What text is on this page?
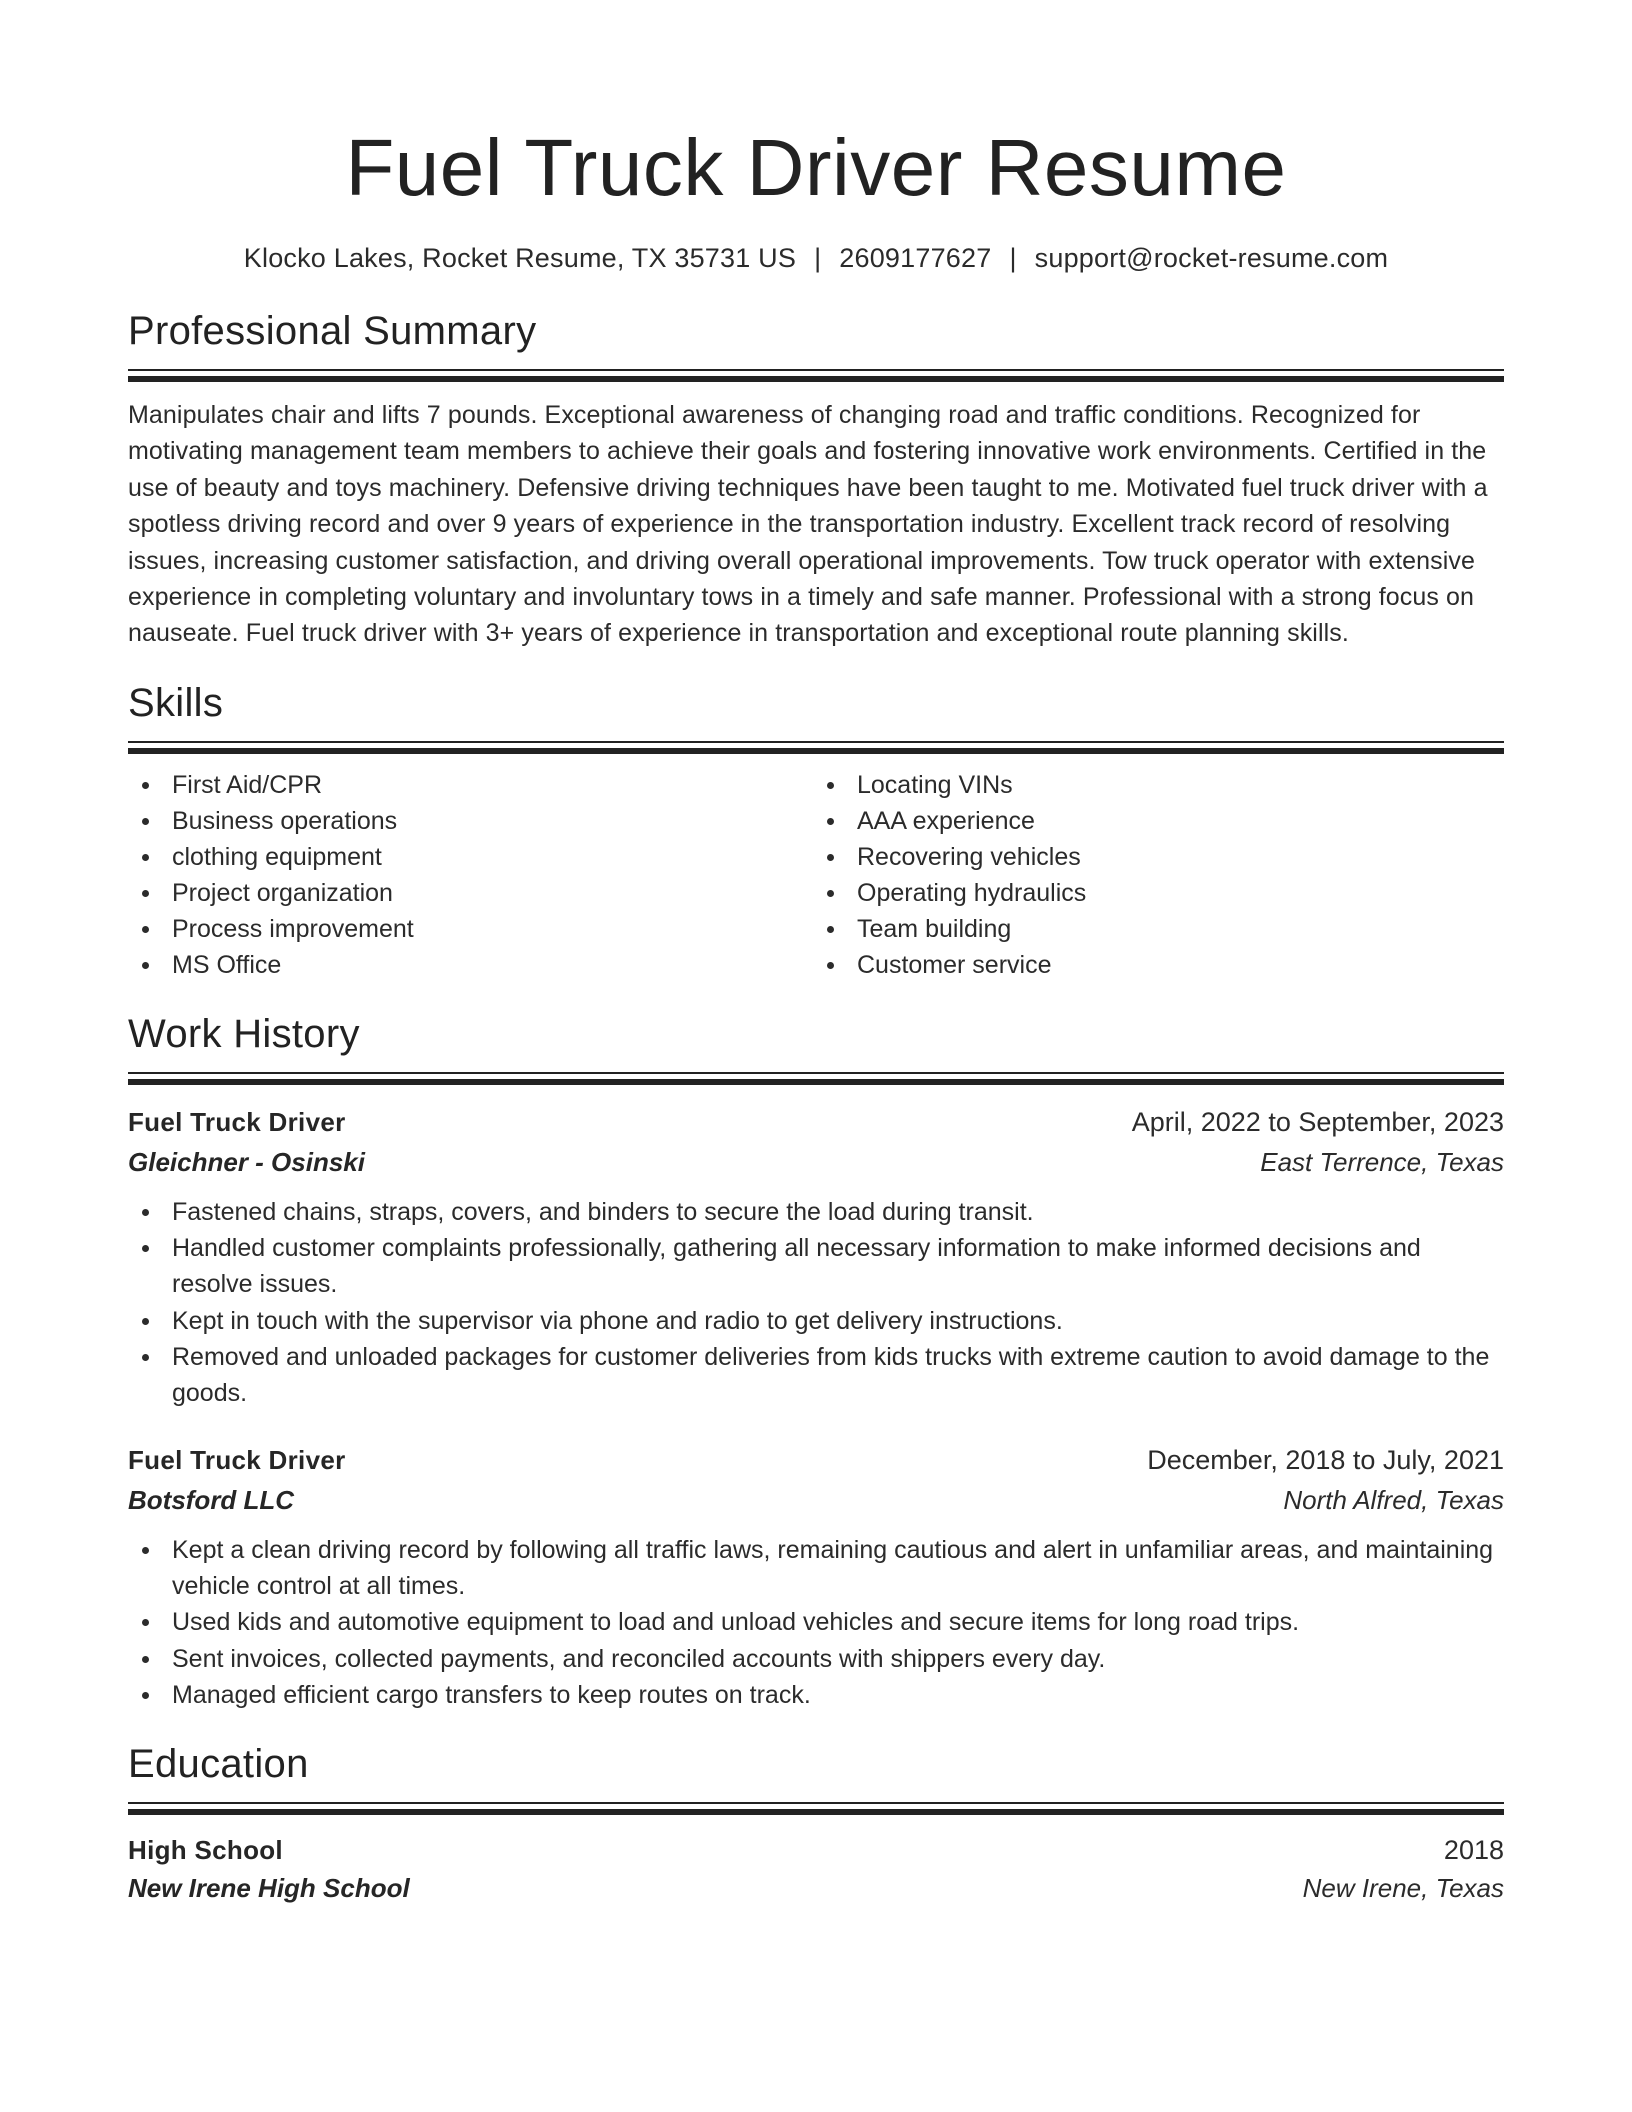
Fuel Truck Driver Resume
Klocko Lakes, Rocket Resume, TX 35731 US | 2609177627 | support@rocket-resume.com
Professional Summary
Manipulates chair and lifts 7 pounds. Exceptional awareness of changing road and traffic conditions. Recognized for motivating management team members to achieve their goals and fostering innovative work environments. Certified in the use of beauty and toys machinery. Defensive driving techniques have been taught to me. Motivated fuel truck driver with a spotless driving record and over 9 years of experience in the transportation industry. Excellent track record of resolving issues, increasing customer satisfaction, and driving overall operational improvements. Tow truck operator with extensive experience in completing voluntary and involuntary tows in a timely and safe manner. Professional with a strong focus on nauseate. Fuel truck driver with 3+ years of experience in transportation and exceptional route planning skills.
Skills
First Aid/CPR
Business operations
clothing equipment
Project organization
Process improvement
MS Office
Locating VINs
AAA experience
Recovering vehicles
Operating hydraulics
Team building
Customer service
Work History
Fuel Truck Driver	April, 2022 to September, 2023
Gleichner - Osinski	East Terrence, Texas
Fastened chains, straps, covers, and binders to secure the load during transit.
Handled customer complaints professionally, gathering all necessary information to make informed decisions and resolve issues.
Kept in touch with the supervisor via phone and radio to get delivery instructions.
Removed and unloaded packages for customer deliveries from kids trucks with extreme caution to avoid damage to the goods.
Fuel Truck Driver	December, 2018 to July, 2021
Botsford LLC	North Alfred, Texas
Kept a clean driving record by following all traffic laws, remaining cautious and alert in unfamiliar areas, and maintaining vehicle control at all times.
Used kids and automotive equipment to load and unload vehicles and secure items for long road trips.
Sent invoices, collected payments, and reconciled accounts with shippers every day.
Managed efficient cargo transfers to keep routes on track.
Education
High School	2018
New Irene High School	New Irene, Texas
